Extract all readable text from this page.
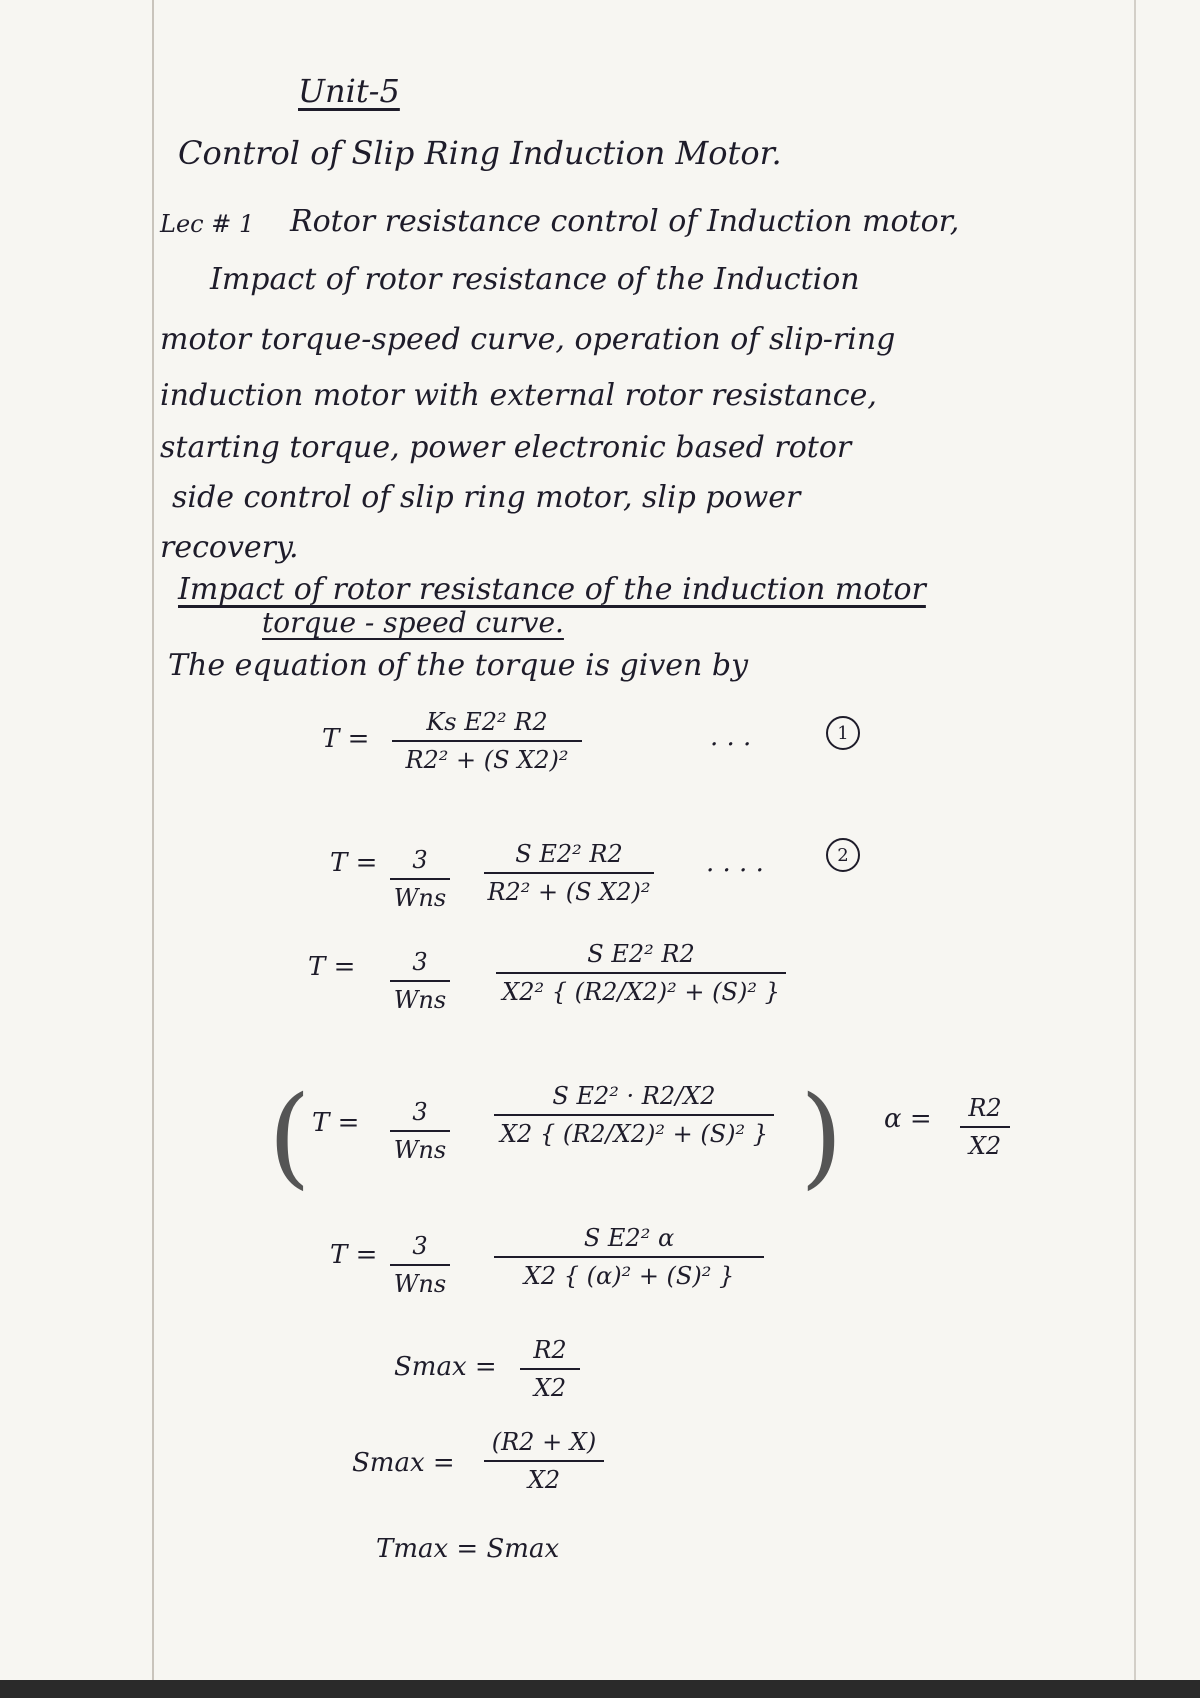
Unit-5
Control of Slip Ring Induction Motor.
Lec # 1 Rotor resistance control of Induction motor,
Impact of rotor resistance of the Induction
motor torque-speed curve, operation of slip-ring
induction motor with external rotor resistance,
starting torque, power electronic based rotor
side control of slip ring motor, slip power
recovery.
Impact of rotor resistance of the induction motor
torque - speed curve.
The equation of the torque is given by
T =
Ks E2² R2
R2² + (S X2)²
. . .	1
T = 3
Wns
S E2² R2
R2² + (S X2)²
. . . .	2
T = 3
Wns
S E2² R2
X2² { (R2/X2)² + (S)² }
( T = 3
Wns
S E2² · R2/X2
X2 { (R2/X2)² + (S)² } ) α = R2
X2
T = 3
Wns
S E2² α
X2 { (α)² + (S)² }
Smax =
R2
X2
Smax =
(R2 + X)
X2
Tmax = Smax
